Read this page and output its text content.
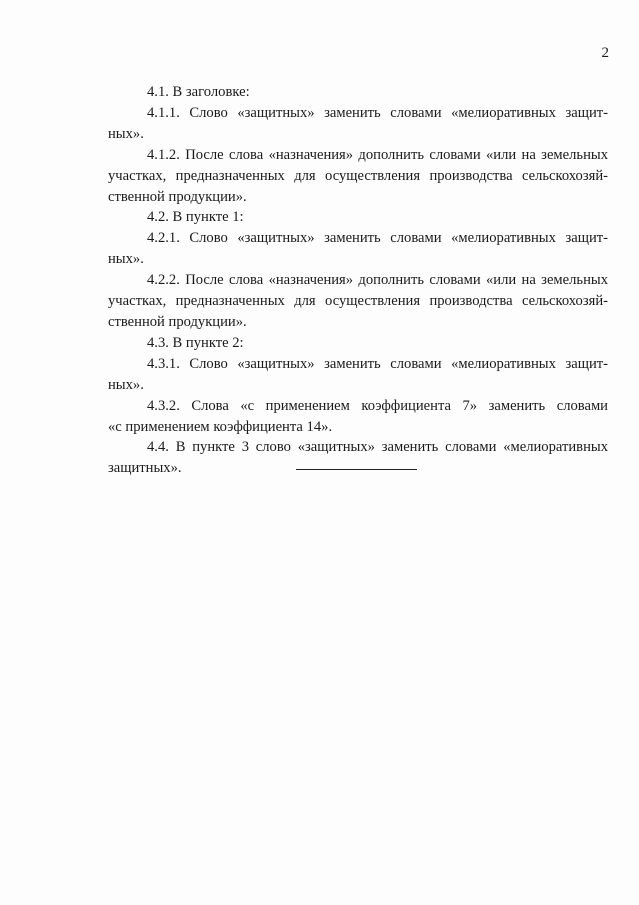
2

4.1. В заголовке:

4.1.1. Слово «защитных» заменить словами «мелиоративных защит-
ных».

4.1.2. После слова «назначения» дополнить словами «или на земельных
участках, предназначенных для осуществления производства сельскохозяй-
ственной продукции».

4.2. В пункте 1:

4.2.1. Слово «защитных» заменить словами «мелиоративных защит-
ных».

4.2.2. После слова «назначения» дополнить словами «или на земельных
участках, предназначенных для осуществления производства сельскохозяй-
ственной продукции».

4.3. В пункте 2:

4.3.1. Слово «защитных» заменить словами «мелиоративных защит-
ных».

4.3.2. Слова «с применением коэффициента 7» заменить словами
«с применением коэффициента 14».

4.4. В пункте 3 слово «защитных» заменить словами «мелиоративных
защитных».
